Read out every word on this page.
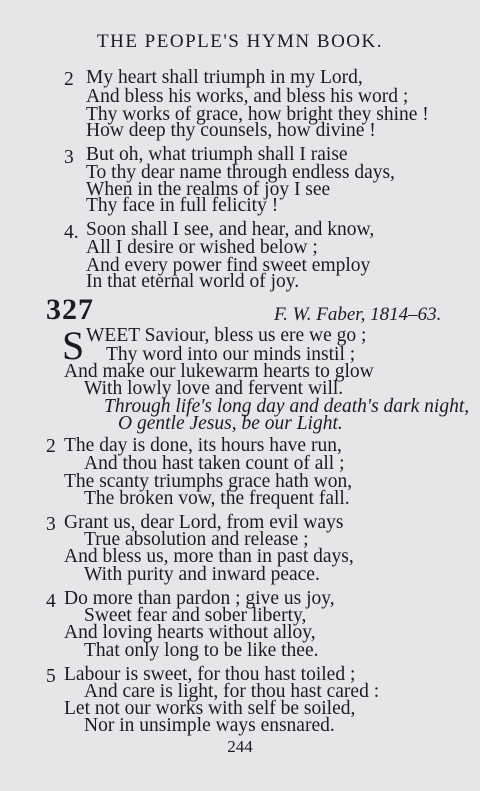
THE PEOPLE'S HYMN BOOK.
2 My heart shall triumph in my Lord,
And bless his works, and bless his word ;
Thy works of grace, how bright they shine !
How deep thy counsels, how divine !
3 But oh, what triumph shall I raise
To thy dear name through endless days,
When in the realms of joy I see
Thy face in full felicity !
4. Soon shall I see, and hear, and know,
All I desire or wished below ;
And every power find sweet employ
In that eternal world of joy.
327	F. W. Faber, 1814–63.
S WEET Saviour, bless us ere we go ;
Thy word into our minds instil ;
And make our lukewarm hearts to glow
With lowly love and fervent will.
Through life's long day and death's dark night,
O gentle Jesus, be our Light.
2 The day is done, its hours have run,
And thou hast taken count of all ;
The scanty triumphs grace hath won,
The broken vow, the frequent fall.
3 Grant us, dear Lord, from evil ways
True absolution and release ;
And bless us, more than in past days,
With purity and inward peace.
4 Do more than pardon ; give us joy,
Sweet fear and sober liberty,
And loving hearts without alloy,
That only long to be like thee.
5 Labour is sweet, for thou hast toiled ;
And care is light, for thou hast cared :
Let not our works with self be soiled,
Nor in unsimple ways ensnared.
244
